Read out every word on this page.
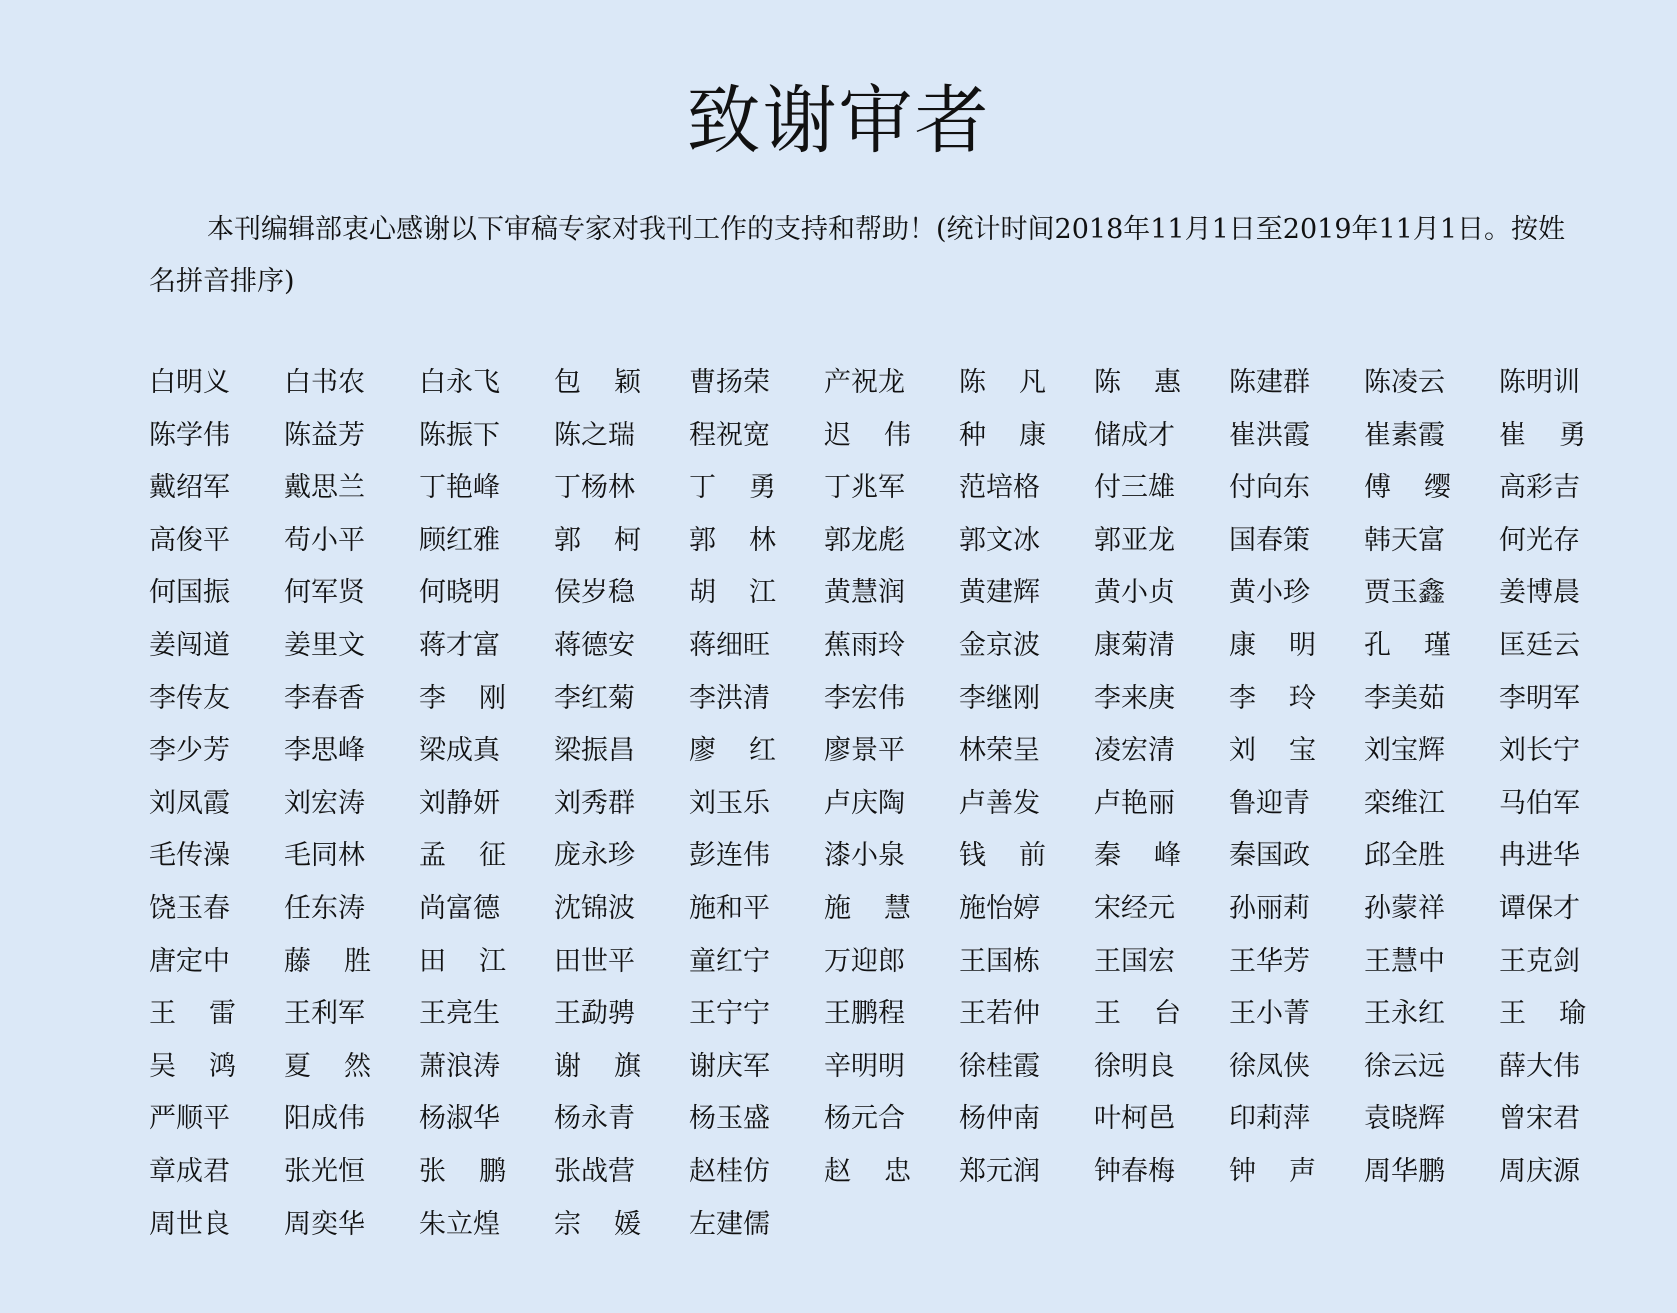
致谢审者

本刊编辑部衷心感谢以下审稿专家对我刊工作的支持和帮助！(统计时间2018年11月1日至2019年11月1日。按姓名拼音排序)

白明义 白书农 白永飞 包 颖 曹扬荣 产祝龙 陈 凡 陈 惠 陈建群 陈凌云 陈明训
陈学伟 陈益芳 陈振下 陈之瑞 程祝宽 迟 伟 种 康 储成才 崔洪霞 崔素霞 崔 勇
戴绍军 戴思兰 丁艳峰 丁杨林 丁 勇 丁兆军 范培格 付三雄 付向东 傅 缨 高彩吉
高俊平 苟小平 顾红雅 郭 柯 郭 林 郭龙彪 郭文冰 郭亚龙 国春策 韩天富 何光存
何国振 何军贤 何晓明 侯岁稳 胡 江 黄慧润 黄建辉 黄小贞 黄小珍 贾玉鑫 姜博晨
姜闯道 姜里文 蒋才富 蒋德安 蒋细旺 蕉雨玲 金京波 康菊清 康 明 孔 瑾 匡廷云
李传友 李春香 李 刚 李红菊 李洪清 李宏伟 李继刚 李来庚 李 玲 李美茹 李明军
李少芳 李思峰 梁成真 梁振昌 廖 红 廖景平 林荣呈 凌宏清 刘 宝 刘宝辉 刘长宁
刘凤霞 刘宏涛 刘静妍 刘秀群 刘玉乐 卢庆陶 卢善发 卢艳丽 鲁迎青 栾维江 马伯军
毛传澡 毛同林 孟 征 庞永珍 彭连伟 漆小泉 钱 前 秦 峰 秦国政 邱全胜 冉进华
饶玉春 任东涛 尚富德 沈锦波 施和平 施 慧 施怡婷 宋经元 孙丽莉 孙蒙祥 谭保才
唐定中 藤 胜 田 江 田世平 童红宁 万迎郎 王国栋 王国宏 王华芳 王慧中 王克剑
王 雷 王利军 王亮生 王勐骋 王宁宁 王鹏程 王若仲 王 台 王小菁 王永红 王 瑜
吴 鸿 夏 然 萧浪涛 谢 旗 谢庆军 辛明明 徐桂霞 徐明良 徐凤侠 徐云远 薛大伟
严顺平 阳成伟 杨淑华 杨永青 杨玉盛 杨元合 杨仲南 叶柯邑 印莉萍 袁晓辉 曾宋君
章成君 张光恒 张 鹏 张战营 赵桂仿 赵 忠 郑元润 钟春梅 钟 声 周华鹏 周庆源
周世良 周奕华 朱立煌 宗 媛 左建儒
